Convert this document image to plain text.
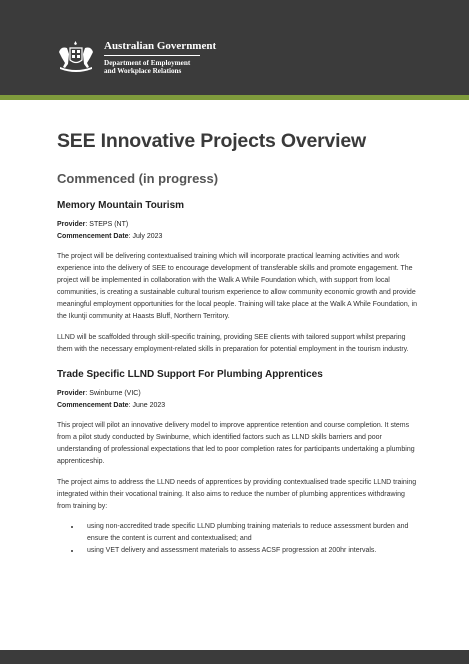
Australian Government
Department of Employment
and Workplace Relations
SEE Innovative Projects Overview
Commenced (in progress)
Memory Mountain Tourism
Provider: STEPS (NT)
Commencement Date: July 2023

The project will be delivering contextualised training which will incorporate practical learning activities and work experience into the delivery of SEE to encourage development of transferable skills and promote engagement. The project will be implemented in collaboration with the Walk A While Foundation which, with support from local communities, is creating a sustainable cultural tourism experience to allow community economic growth and provide meaningful employment opportunities for the local people. Training will take place at the Walk A While Foundation, in the Ikuntji community at Haasts Bluff, Northern Territory.

LLND will be scaffolded through skill-specific training, providing SEE clients with tailored support whilst preparing them with the necessary employment-related skills in preparation for potential employment in the tourism industry.

Trade Specific LLND Support For Plumbing Apprentices
Provider: Swinburne (VIC)
Commencement Date: June 2023

This project will pilot an innovative delivery model to improve apprentice retention and course completion. It stems from a pilot study conducted by Swinburne, which identified factors such as LLND skills barriers and poor understanding of professional expectations that led to poor completion rates for participants undertaking a plumbing apprenticeship.

The project aims to address the LLND needs of apprentices by providing contextualised trade specific LLND training integrated within their vocational training. It also aims to reduce the number of plumbing apprentices withdrawing from training by:

• using non-accredited trade specific LLND plumbing training materials to reduce assessment burden and ensure the content is current and contextualised; and
• using VET delivery and assessment materials to assess ACSF progression at 200hr intervals.
